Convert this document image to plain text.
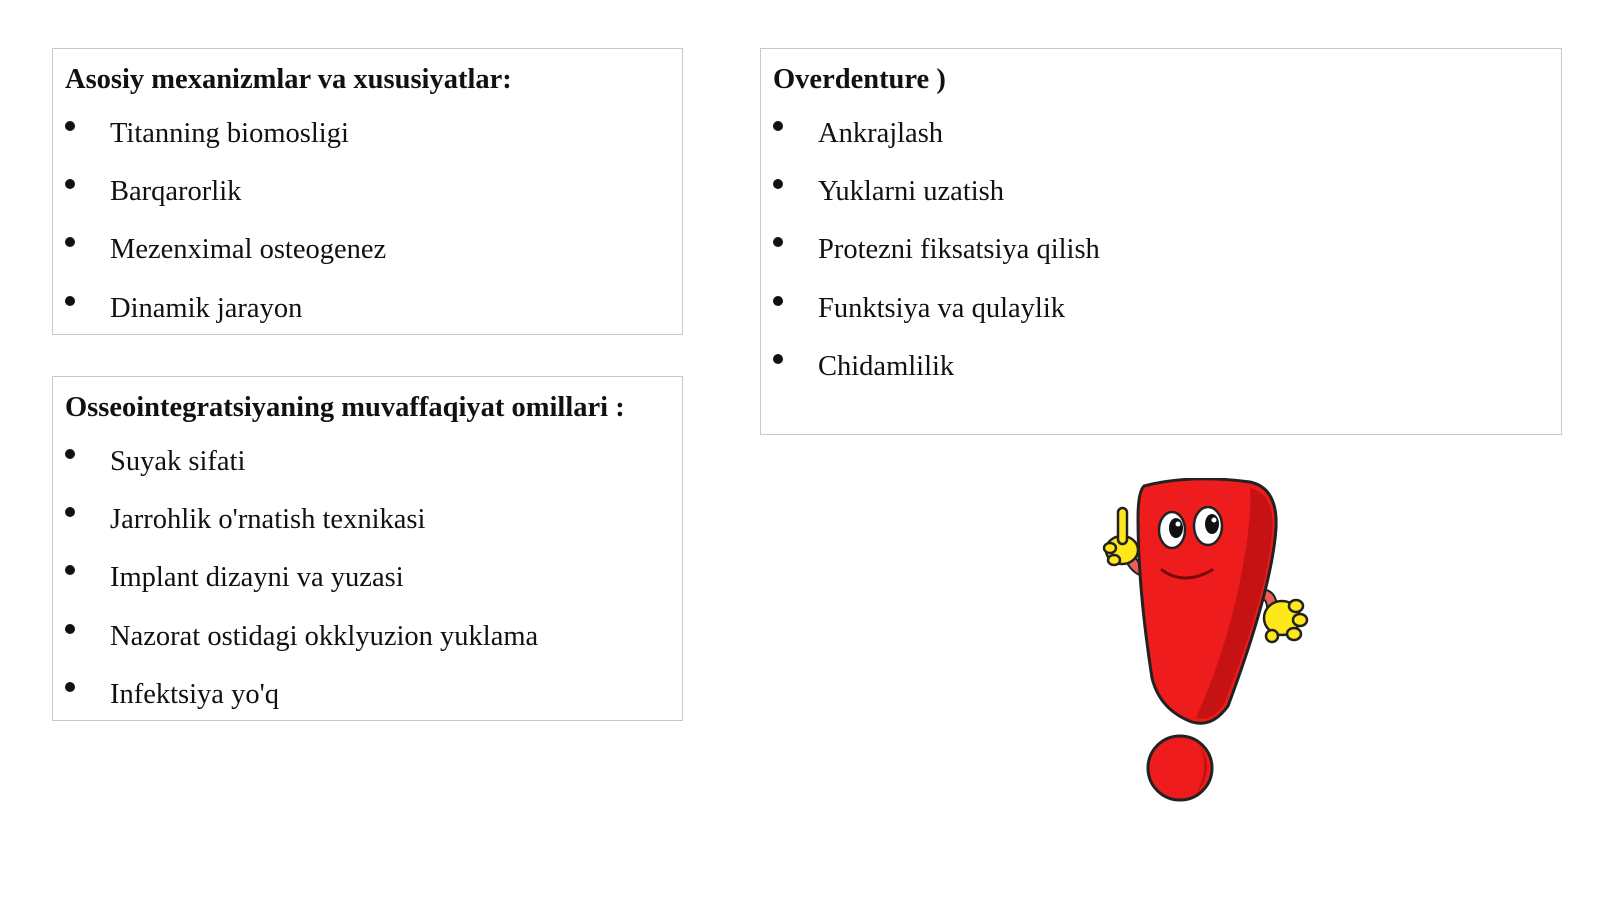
Asosiy mexanizmlar va xususiyatlar:
Titanning biomosligi
Barqarorlik
Mezenximal osteogenez
Dinamik jarayon
Osseointegratsiyaning muvaffaqiyat omillari :
Suyak sifati
Jarrohlik o'rnatish texnikasi
Implant dizayni va yuzasi
Nazorat ostidagi okklyuzion yuklama
Infektsiya yo'q
Overdenture )
Ankrajlash
Yuklarni uzatish
Protezni fiksatsiya qilish
Funktsiya va qulaylik
Chidamlilik
